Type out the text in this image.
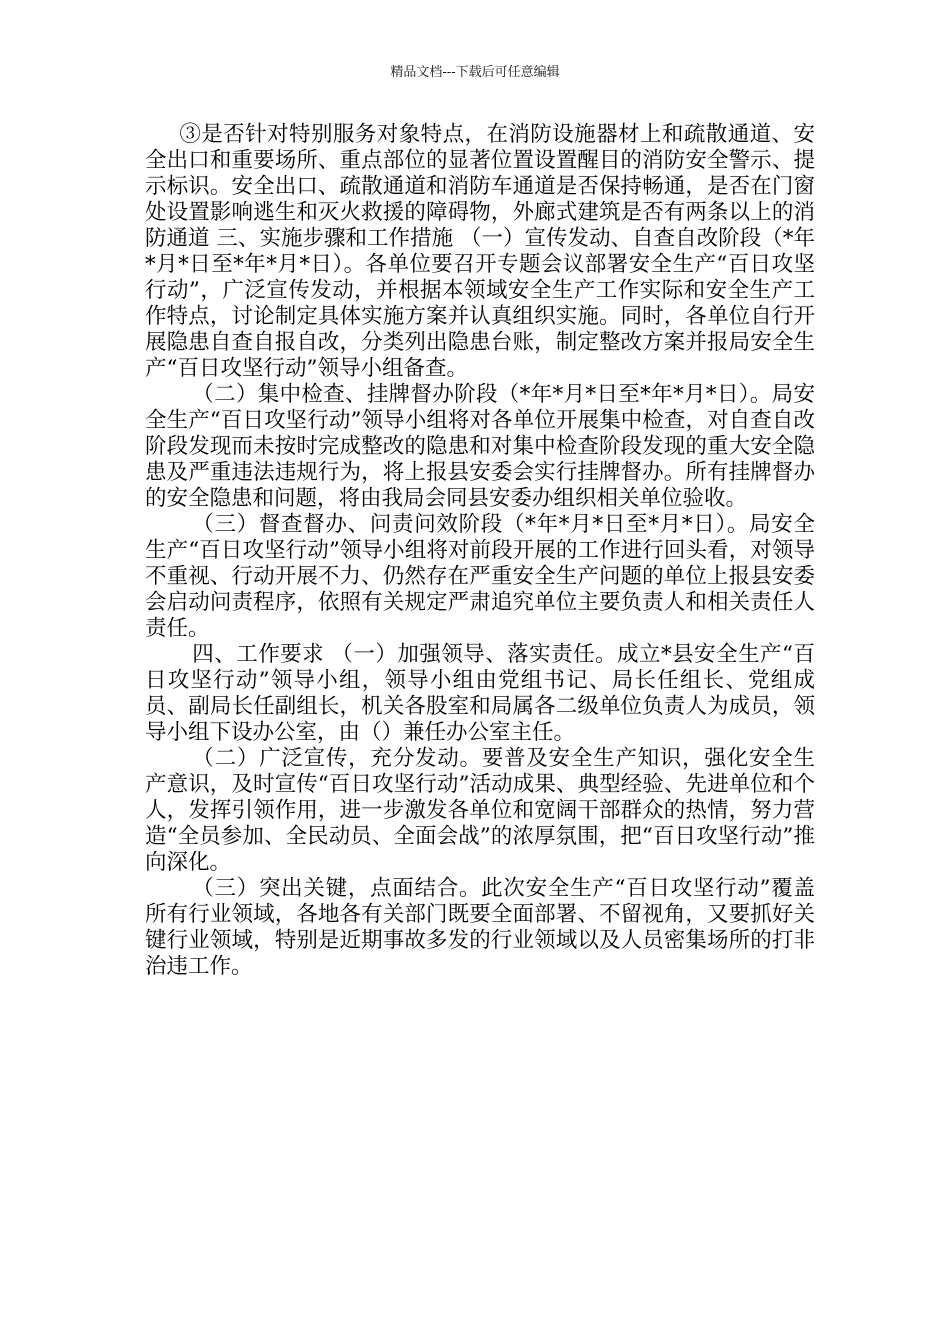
精品文档---下载后可任意编辑

③是否针对特别服务对象特点，在消防设施器材上和疏散通道、安全出口和重要场所、重点部位的显著位置设置醒目的消防安全警示、提示标识。安全出口、疏散通道和消防车通道是否保持畅通，是否在门窗处设置影响逃生和灭火救援的障碍物，外廊式建筑是否有两条以上的消防通道 三、实施步骤和工作措施 （一）宣传发动、自查自改阶段（*年*月*日至*年*月*日）。各单位要召开专题会议部署安全生产“百日攻坚行动”，广泛宣传发动，并根据本领域安全生产工作实际和安全生产工作特点，讨论制定具体实施方案并认真组织实施。同时，各单位自行开展隐患自查自报自改，分类列出隐患台账，制定整改方案并报局安全生产“百日攻坚行动”领导小组备查。

（二）集中检查、挂牌督办阶段（*年*月*日至*年*月*日）。局安全生产“百日攻坚行动”领导小组将对各单位开展集中检查，对自查自改阶段发现而未按时完成整改的隐患和对集中检查阶段发现的重大安全隐患及严重违法违规行为，将上报县安委会实行挂牌督办。所有挂牌督办的安全隐患和问题，将由我局会同县安委办组织相关单位验收。

（三）督查督办、问责问效阶段（*年*月*日至*月*日）。局安全生产“百日攻坚行动”领导小组将对前段开展的工作进行回头看，对领导不重视、行动开展不力、仍然存在严重安全生产问题的单位上报县安委会启动问责程序，依照有关规定严肃追究单位主要负责人和相关责任人责任。

四、工作要求 （一）加强领导、落实责任。成立*县安全生产“百日攻坚行动”领导小组，领导小组由党组书记、局长任组长、党组成员、副局长任副组长，机关各股室和局属各二级单位负责人为成员，领导小组下设办公室，由（）兼任办公室主任。

（二）广泛宣传，充分发动。要普及安全生产知识，强化安全生产意识，及时宣传“百日攻坚行动”活动成果、典型经验、先进单位和个人，发挥引领作用，进一步激发各单位和宽阔干部群众的热情，努力营造“全员参加、全民动员、全面会战”的浓厚氛围，把“百日攻坚行动”推向深化。

（三）突出关键，点面结合。此次安全生产“百日攻坚行动”覆盖所有行业领域，各地各有关部门既要全面部署、不留视角，又要抓好关键行业领域，特别是近期事故多发的行业领域以及人员密集场所的打非治违工作。
